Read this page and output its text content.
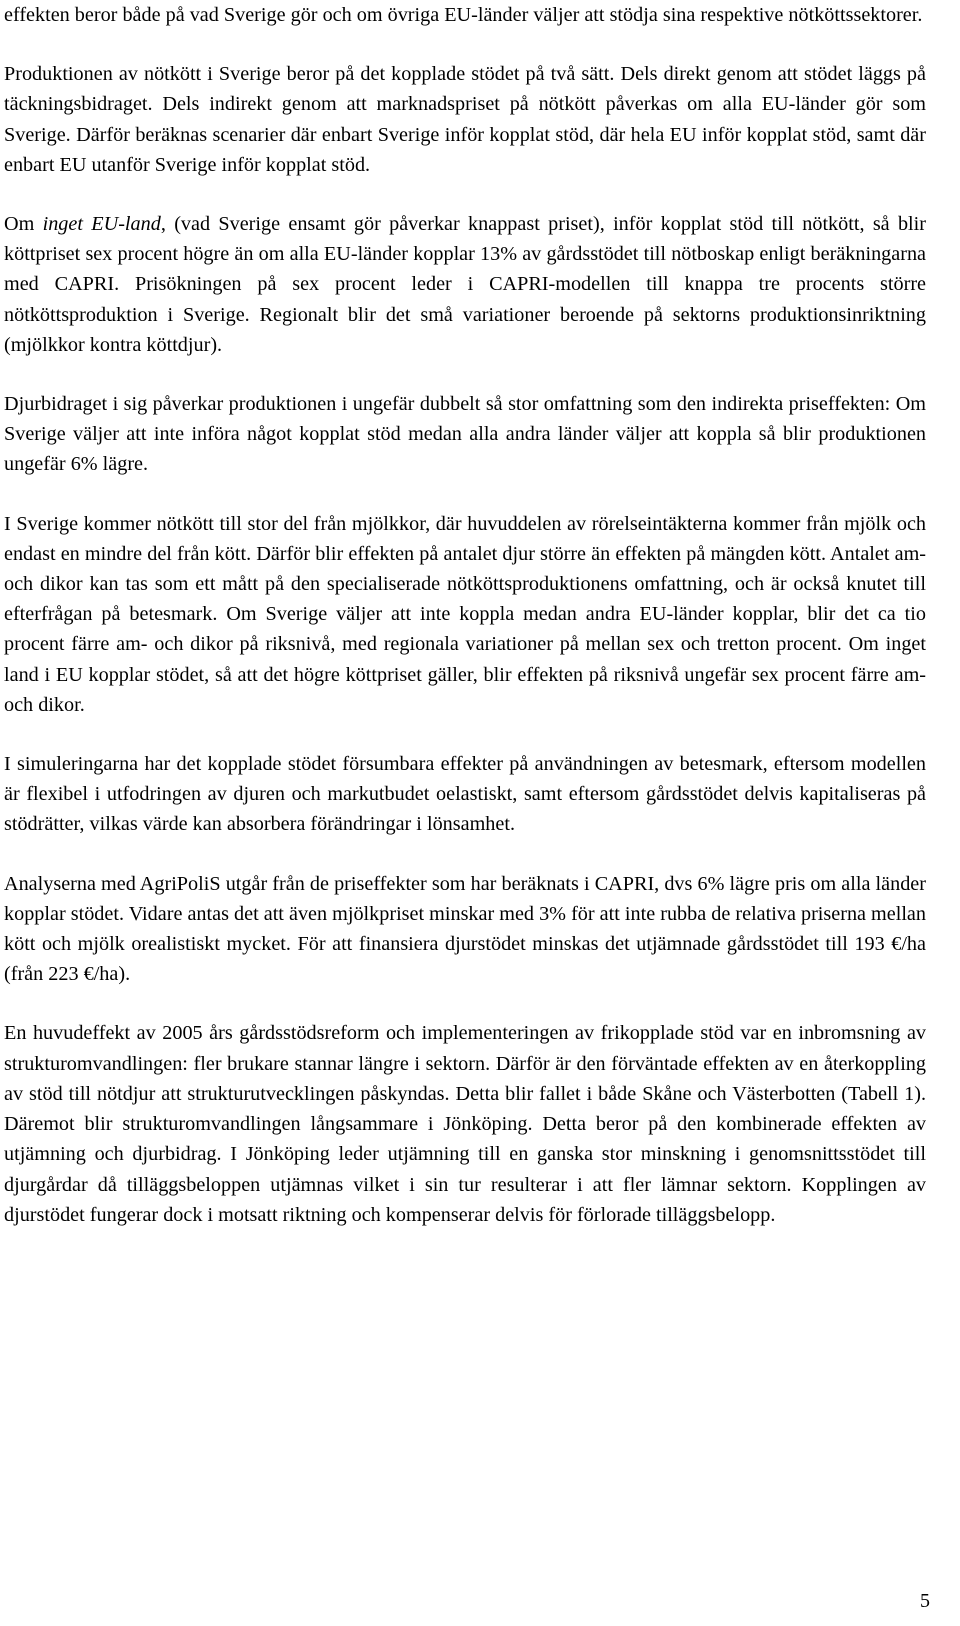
effekten beror både på vad Sverige gör och om övriga EU-länder väljer att stödja sina respektive nötköttssektorer.

Produktionen av nötkött i Sverige beror på det kopplade stödet på två sätt. Dels direkt genom att stödet läggs på täckningsbidraget. Dels indirekt genom att marknadspriset på nötkött påverkas om alla EU-länder gör som Sverige. Därför beräknas scenarier där enbart Sverige inför kopplat stöd, där hela EU inför kopplat stöd, samt där enbart EU utanför Sverige inför kopplat stöd.

Om inget EU-land, (vad Sverige ensamt gör påverkar knappast priset), inför kopplat stöd till nötkött, så blir köttpriset sex procent högre än om alla EU-länder kopplar 13% av gårdsstödet till nötboskap enligt beräkningarna med CAPRI. Prisökningen på sex procent leder i CAPRI-modellen till knappa tre procents större nötköttsproduktion i Sverige. Regionalt blir det små variationer beroende på sektorns produktionsinriktning (mjölkkor kontra köttdjur).

Djurbidraget i sig påverkar produktionen i ungefär dubbelt så stor omfattning som den indirekta priseffekten: Om Sverige väljer att inte införa något kopplat stöd medan alla andra länder väljer att koppla så blir produktionen ungefär 6% lägre.

I Sverige kommer nötkött till stor del från mjölkkor, där huvuddelen av rörelseintäkterna kommer från mjölk och endast en mindre del från kött. Därför blir effekten på antalet djur större än effekten på mängden kött. Antalet am- och dikor kan tas som ett mått på den specialiserade nötköttsproduktionens omfattning, och är också knutet till efterfrågan på betesmark. Om Sverige väljer att inte koppla medan andra EU-länder kopplar, blir det ca tio procent färre am- och dikor på riksnivå, med regionala variationer på mellan sex och tretton procent. Om inget land i EU kopplar stödet, så att det högre köttpriset gäller, blir effekten på riksnivå ungefär sex procent färre am- och dikor.

I simuleringarna har det kopplade stödet försumbara effekter på användningen av betesmark, eftersom modellen är flexibel i utfodringen av djuren och markutbudet oelastiskt, samt eftersom gårdsstödet delvis kapitaliseras på stödrätter, vilkas värde kan absorbera förändringar i lönsamhet.

Analyserna med AgriPoliS utgår från de priseffekter som har beräknats i CAPRI, dvs 6% lägre pris om alla länder kopplar stödet. Vidare antas det att även mjölkpriset minskar med 3% för att inte rubba de relativa priserna mellan kött och mjölk orealistiskt mycket. För att finansiera djurstödet minskas det utjämnade gårdsstödet till 193 €/ha (från 223 €/ha).

En huvudeffekt av 2005 års gårdsstödsreform och implementeringen av frikopplade stöd var en inbromsning av strukturomvandlingen: fler brukare stannar längre i sektorn. Därför är den förväntade effekten av en återkoppling av stöd till nötdjur att strukturutvecklingen påskyndas. Detta blir fallet i både Skåne och Västerbotten (Tabell 1). Däremot blir strukturomvandlingen långsammare i Jönköping. Detta beror på den kombinerade effekten av utjämning och djurbidrag. I Jönköping leder utjämning till en ganska stor minskning i genomsnittsstödet till djurgårdar då tilläggsbeloppen utjämnas vilket i sin tur resulterar i att fler lämnar sektorn. Kopplingen av djurstödet fungerar dock i motsatt riktning och kompenserar delvis för förlorade tilläggsbelopp.

5
